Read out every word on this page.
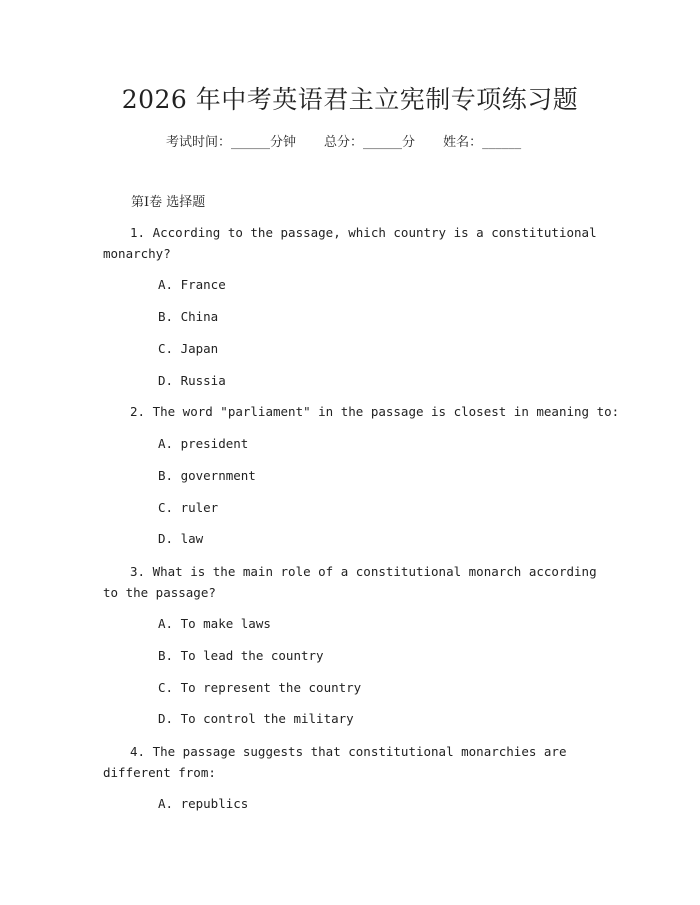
2026 年中考英语君主立宪制专项练习题
考试时间：______分钟 总分：______分 姓名：______
第Ⅰ卷 选择题
1. According to the passage, which country is a constitutional monarchy?
A. France
B. China
C. Japan
D. Russia
2. The word "parliament" in the passage is closest in meaning to:
A. president
B. government
C. ruler
D. law
3. What is the main role of a constitutional monarch according to the passage?
A. To make laws
B. To lead the country
C. To represent the country
D. To control the military
4. The passage suggests that constitutional monarchies are different from:
A. republics
